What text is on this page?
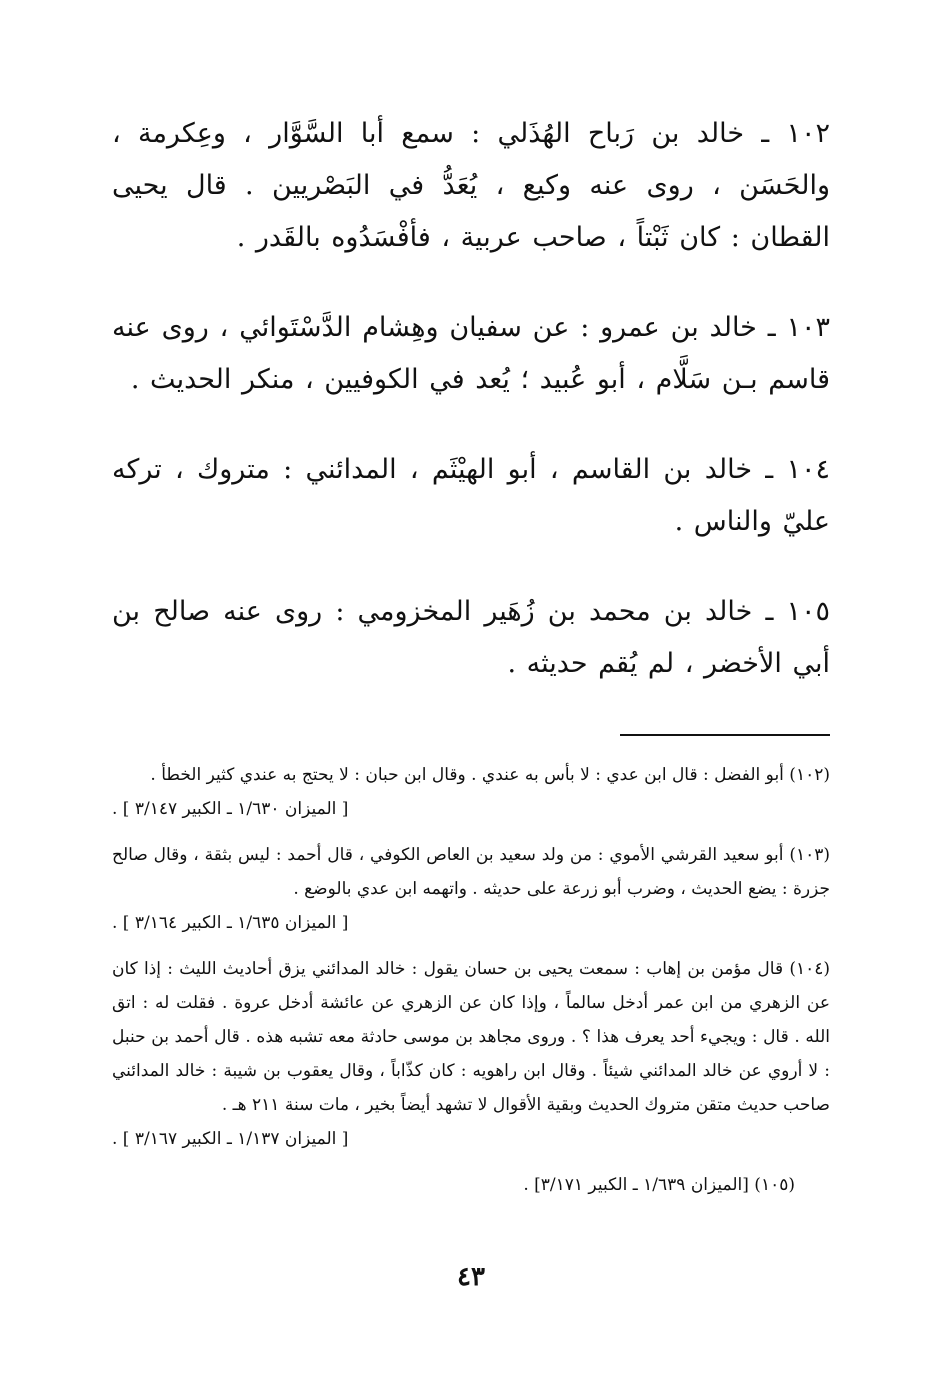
١٠٢ ـ خالد بن رَباح الهُذَلي : سمع أبا السَّوَّار ، وعِكرمة ، والحَسَن ، روى عنه وكيع ، يُعَدُّ في البَصْريين . قال يحيى القطان : كان ثَبْتاً ، صاحب عربية ، فأفْسَدُوه بالقَدر .

١٠٣ ـ خالد بن عمرو : عن سفيان وهِشام الدَّسْتَوائي ، روى عنه قاسم بـن سَلَّام ، أبو عُبيد ؛ يُعد في الكوفيين ، منكر الحديث .

١٠٤ ـ خالد بن القاسم ، أبو الهيْثَم ، المدائني : متروك ، تركه عليّ والناس .

١٠٥ ـ خالد بن محمد بن زُهَير المخزومي : روى عنه صالح بن أبي الأخضر ، لم يُقم حديثه .

(١٠٢) أبو الفضل : قال ابن عدي : لا بأس به عندي . وقال ابن حبان : لا يحتج به عندي كثير الخطأ .
[ الميزان ١/٦٣٠ ـ الكبير ٣/١٤٧ ] .
(١٠٣) أبو سعيد القرشي الأموي : من ولد سعيد بن العاص الكوفي ، قال أحمد : ليس بثقة ، وقال صالح جزرة : يضع الحديث ، وضرب أبو زرعة على حديثه . واتهمه ابن عدي بالوضع .
[ الميزان ١/٦٣٥ ـ الكبير ٣/١٦٤ ] .
(١٠٤) قال مؤمن بن إهاب : سمعت يحيى بن حسان يقول : خالد المدائني يزق أحاديث الليث : إذا كان عن الزهري من ابن عمر أدخل سالماً ، وإذا كان عن الزهري عن عائشة أدخل عروة . فقلت له : اتق الله . قال : ويجيء أحد يعرف هذا ؟ . وروى مجاهد بن موسى حادثة معه تشبه هذه . قال أحمد بن حنبل : لا أروي عن خالد المدائني شيئاً . وقال ابن راهويه : كان كذّاباً ، وقال يعقوب بن شيبة : خالد المدائني صاحب حديث متقن متروك الحديث وبقية الأقوال لا تشهد أيضاً بخير ، مات سنة ٢١١ هـ .
[ الميزان ١/١٣٧ ـ الكبير ٣/١٦٧ ] .
(١٠٥) [الميزان ١/٦٣٩ ـ الكبير ٣/١٧١] .
٤٣
